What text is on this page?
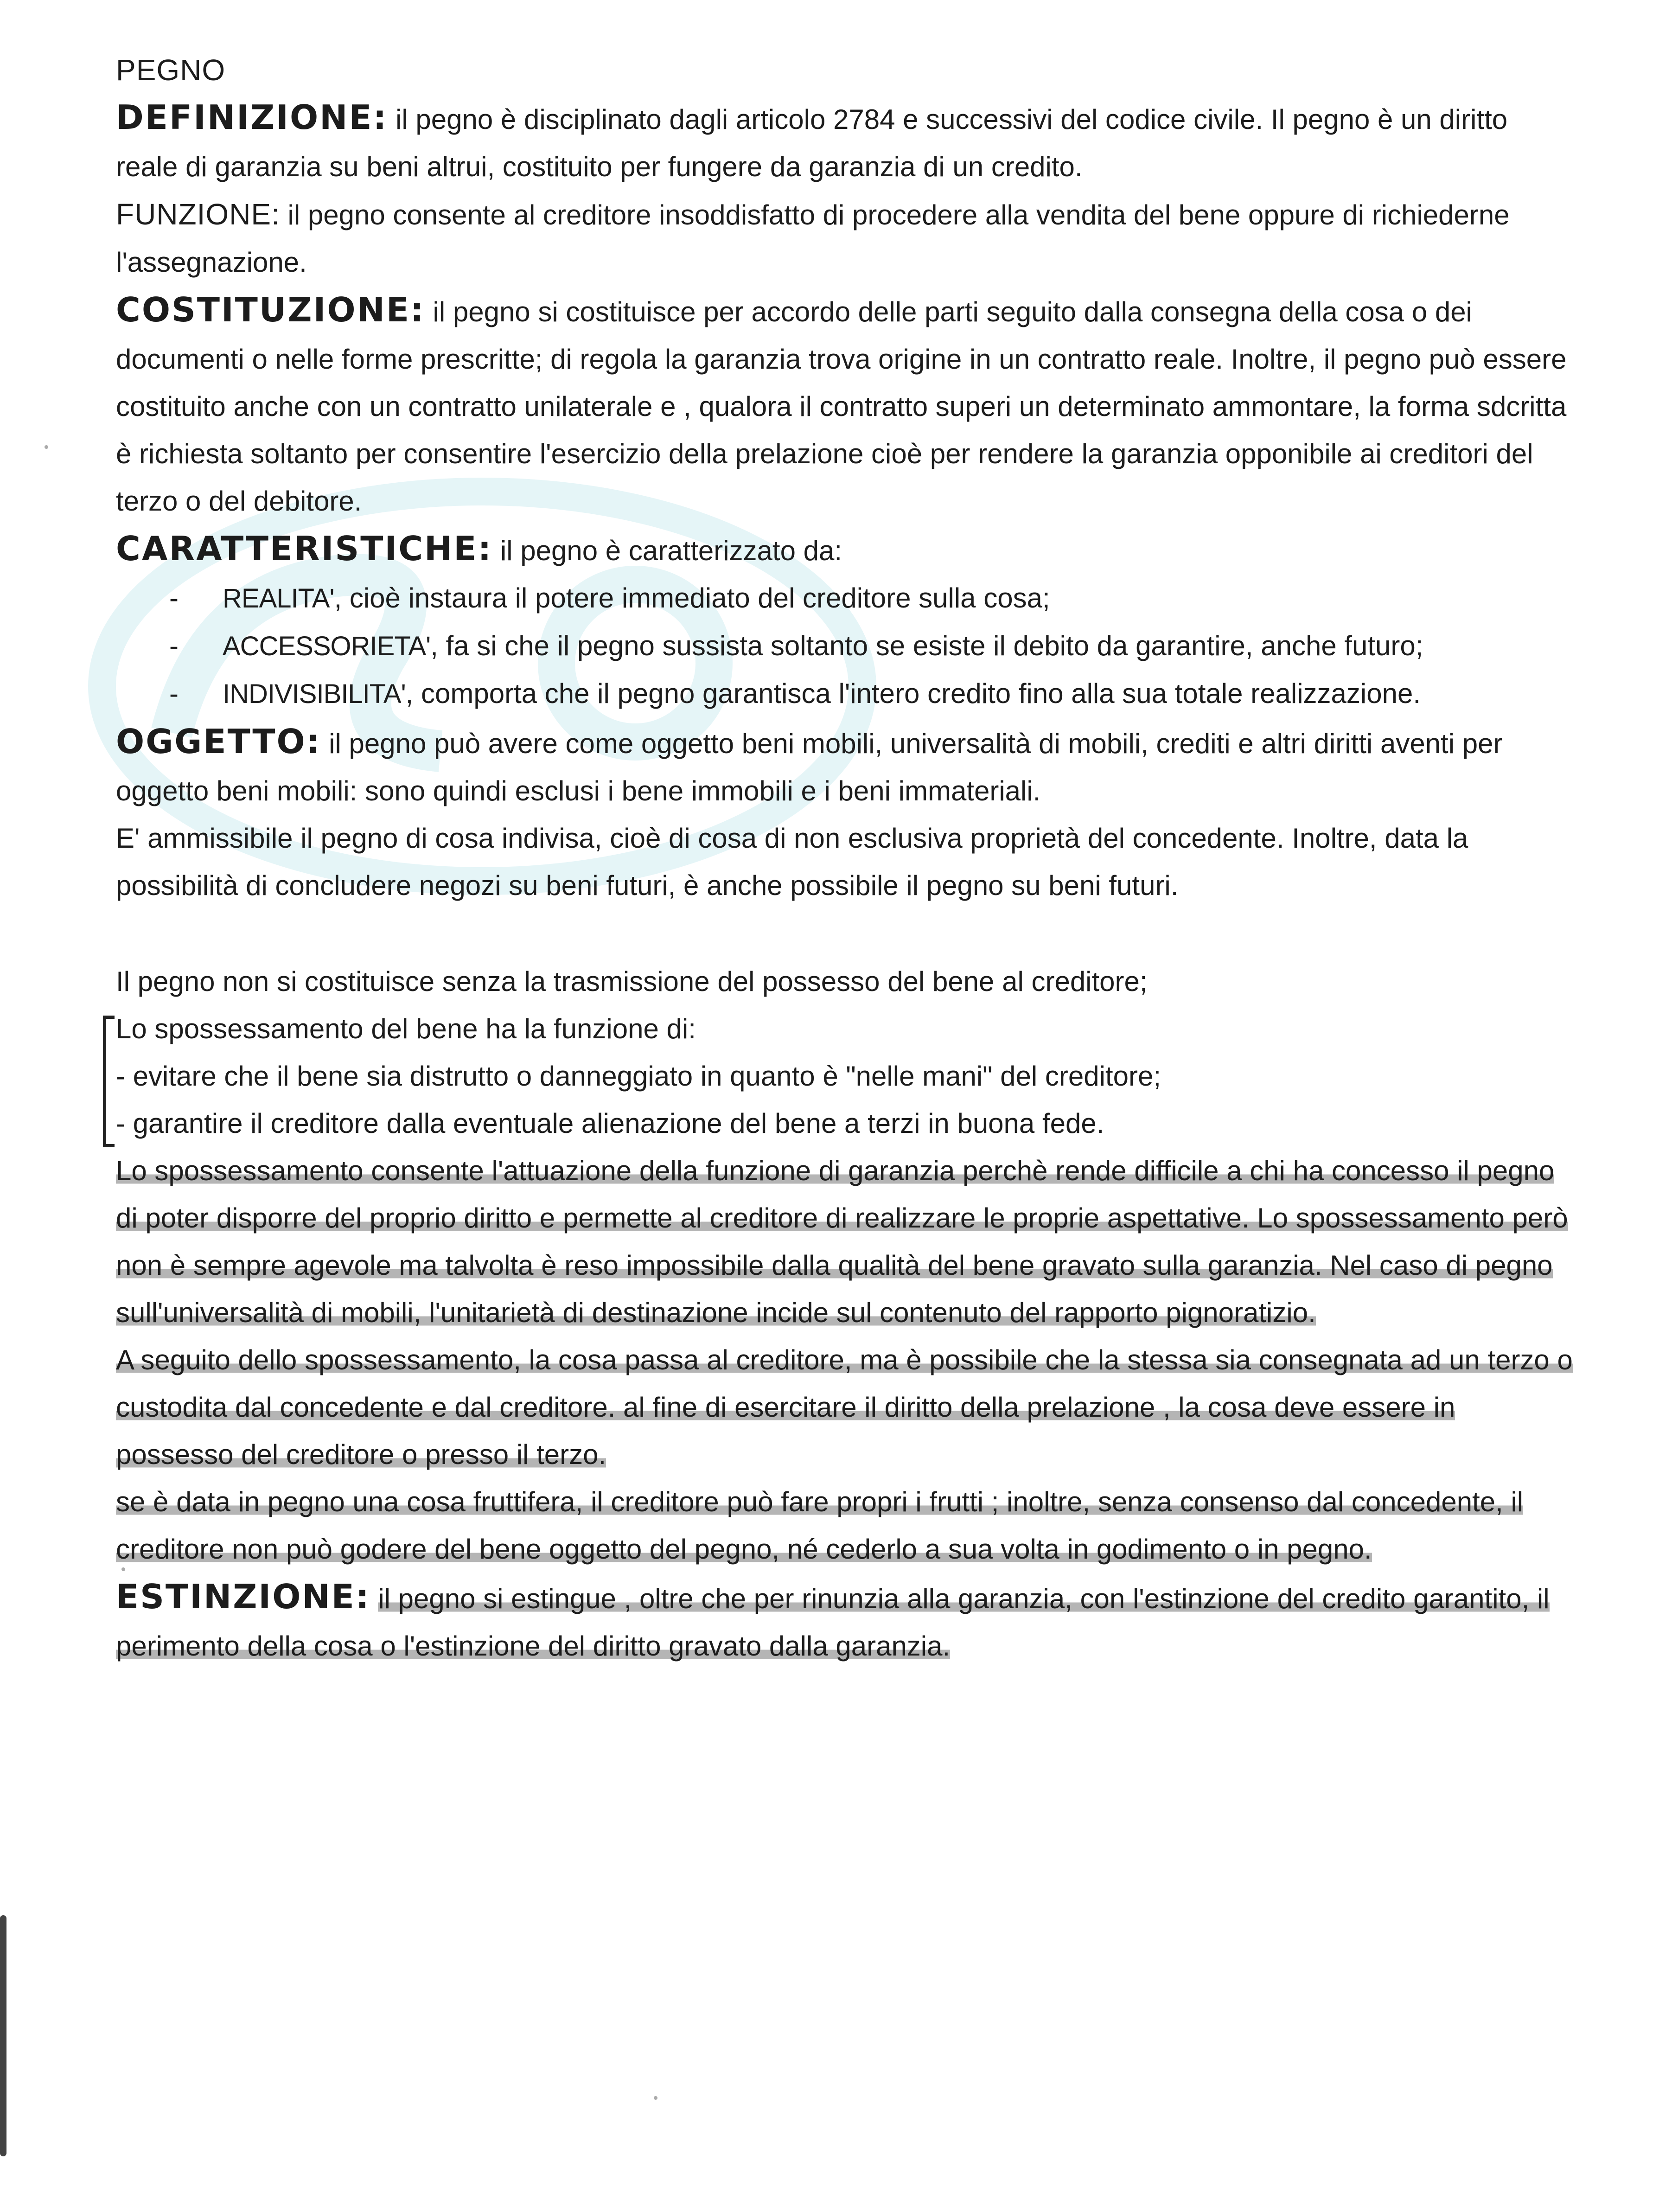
PEGNO

DEFINIZIONE: il pegno è disciplinato dagli articolo 2784 e successivi del codice civile. Il pegno è un diritto reale di garanzia su beni altrui, costituito per fungere da garanzia di un credito.

FUNZIONE: il pegno consente al creditore insoddisfatto di procedere alla vendita del bene oppure di richiederne l'assegnazione.

COSTITUZIONE: il pegno si costituisce per accordo delle parti seguito dalla consegna della cosa o dei documenti o nelle forme prescritte; di regola la garanzia trova origine in un contratto reale. Inoltre, il pegno può essere costituito anche con un contratto unilaterale e , qualora il contratto superi un determinato ammontare, la forma sdcritta è richiesta soltanto per consentire l'esercizio della prelazione cioè per rendere la garanzia opponibile ai creditori del terzo o del debitore.

CARATTERISTICHE: il pegno è caratterizzato da:

- REALITA', cioè instaura il potere immediato del creditore sulla cosa;
- ACCESSORIETA', fa si che il pegno sussista soltanto se esiste il debito da garantire, anche futuro;
- INDIVISIBILITA', comporta che il pegno garantisca l'intero credito fino alla sua totale realizzazione.

OGGETTO: il pegno può avere come oggetto beni mobili, universalità di mobili, crediti e altri diritti aventi per oggetto beni mobili: sono quindi esclusi i bene immobili e i beni immateriali.

E' ammissibile il pegno di cosa indivisa, cioè di cosa di non esclusiva proprietà del concedente. Inoltre, data la possibilità di concludere negozi su beni futuri, è anche possibile il pegno su beni futuri.

Il pegno non si costituisce senza la trasmissione del possesso del bene al creditore;

Lo spossessamento del bene ha la funzione di:

- evitare che il bene sia distrutto o danneggiato in quanto è "nelle mani" del creditore;

- garantire il creditore dalla eventuale alienazione del bene a terzi in buona fede.

Lo spossessamento consente l'attuazione della funzione di garanzia perchè rende difficile a chi ha concesso il pegno di poter disporre del proprio diritto e permette al creditore di realizzare le proprie aspettative. Lo spossessamento però non è sempre agevole ma talvolta è reso impossibile dalla qualità del bene gravato sulla garanzia. Nel caso di pegno sull'universalità di mobili, l'unitarietà di destinazione incide sul contenuto del rapporto pignoratizio.

A seguito dello spossessamento, la cosa passa al creditore, ma è possibile che la stessa sia consegnata ad un terzo o custodita dal concedente e dal creditore. al fine di esercitare il diritto della prelazione , la cosa deve essere in possesso del creditore o presso il terzo.

se è data in pegno una cosa fruttifera, il creditore può fare propri i frutti ; inoltre, senza consenso dal concedente, il creditore non può godere del bene oggetto del pegno, né cederlo a sua volta in godimento o in pegno.

ESTINZIONE: il pegno si estingue , oltre che per rinunzia alla garanzia, con l'estinzione del credito garantito, il perimento della cosa o l'estinzione del diritto gravato dalla garanzia.
